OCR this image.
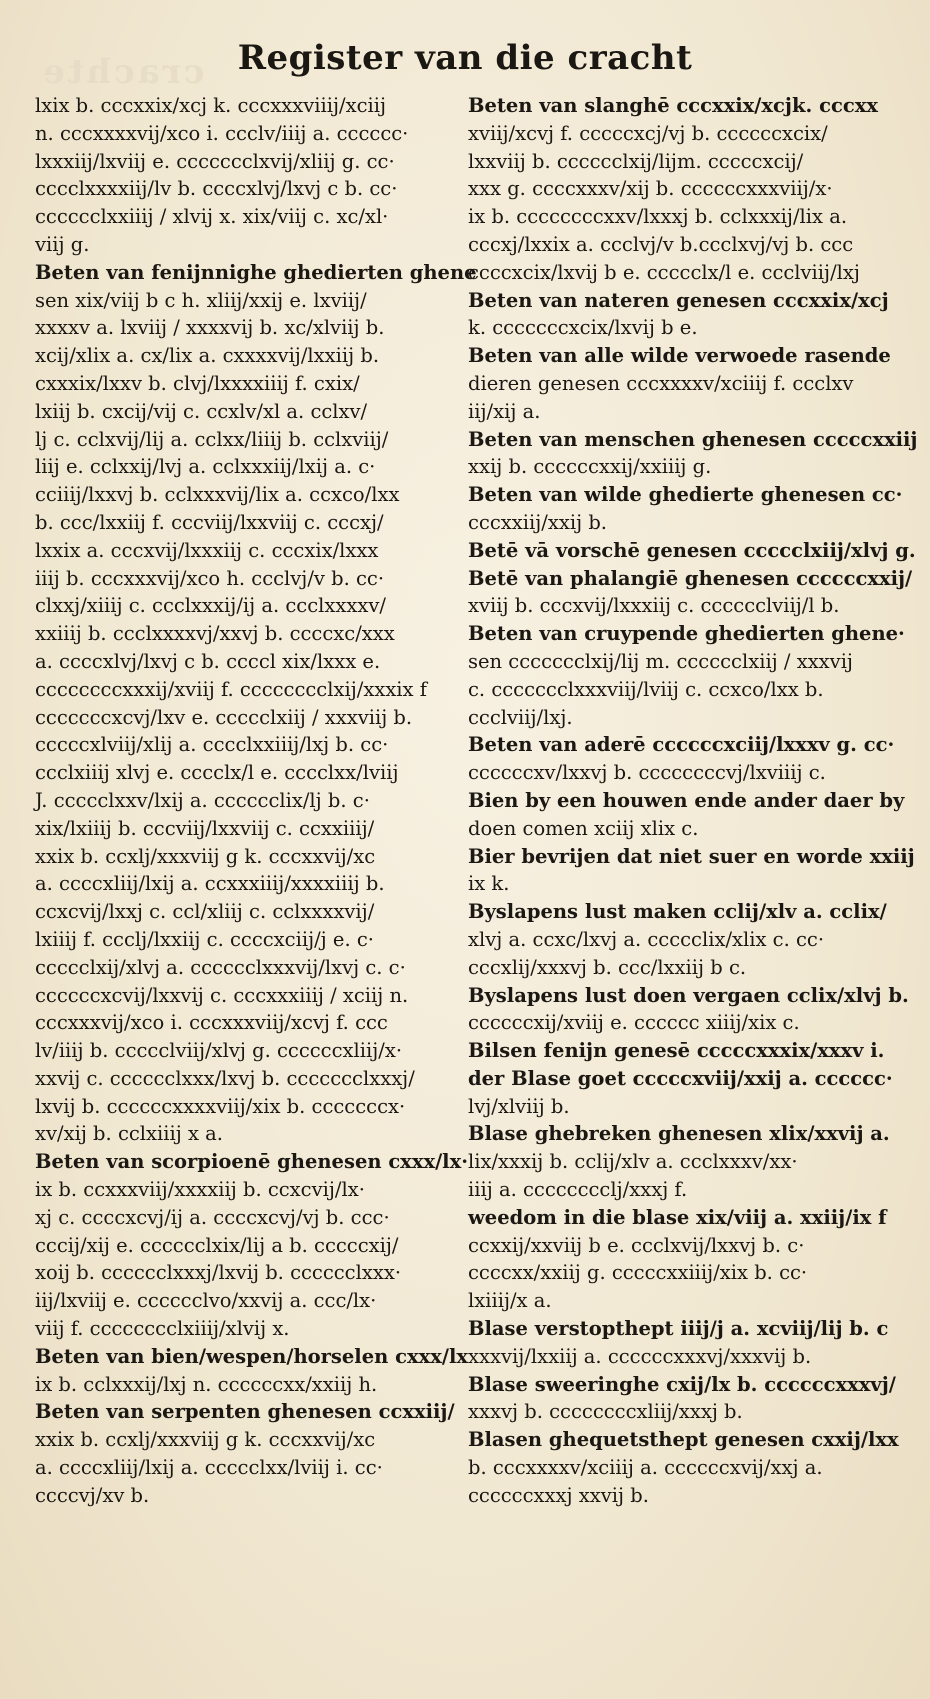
crachte Register van die cracht
lxix b. cccxxix/xcj k. cccxxxviiij/xciij
n. cccxxxxvij/xco i. ccclv/iiij a. cccccc·
lxxxiij/lxviij e. ccccccclxvij/xliij g. cc·
cccclxxxxiij/lv b. ccccxlvj/lxvj c b. cc·
cccccclxxiiij / xlvij x. xix/viij c. xc/xl·
viij g.
Beten van fenijnnighe ghedierten ghene
sen xix/viij b c h. xliij/xxij e. lxviij/
xxxxv a. lxviij / xxxxvij b. xc/xlviij b.
xcij/xlix a. cx/lix a. cxxxxvij/lxxiij b.
cxxxix/lxxv b. clvj/lxxxxiiij f. cxix/
lxiij b. cxcij/vij c. ccxlv/xl a. cclxv/
lj c. cclxvij/lij a. cclxx/liiij b. cclxviij/
liij e. cclxxij/lvj a. cclxxxiij/lxij a. c·
cciiij/lxxvj b. cclxxxvij/lix a. ccxco/lxx
b. ccc/lxxiij f. cccviij/lxxviij c. cccxj/
lxxix a. cccxvij/lxxxiij c. cccxix/lxxx
iiij b. cccxxxvij/xco h. ccclvj/v b. cc·
clxxj/xiiij c. ccclxxxij/ij a. ccclxxxxv/
xxiiij b. ccclxxxxvj/xxvj b. ccccxc/xxx
a. ccccxlvj/lxvj c b. ccccl xix/lxxx e.
ccccccccxxxij/xviij f. cccccccclxij/xxxix f
cccccccxcvj/lxv e. ccccclxiij / xxxviij b.
cccccxlviij/xlij a. cccclxxiiij/lxj b. cc·
ccclxiiij xlvj e. cccclx/l e. cccclxx/lviij
J. ccccclxxv/lxij a. cccccclix/lj b. c·
xix/lxiiij b. cccviij/lxxviij c. ccxxiiij/
xxix b. ccxlj/xxxviij g k. cccxxvij/xc
a. ccccxliij/lxij a. ccxxxiiij/xxxxiiij b.
ccxcvij/lxxj c. ccl/xliij c. cclxxxxvij/
lxiiij f. ccclj/lxxiij c. ccccxciij/j e. c·
ccccclxij/xlvj a. cccccclxxxvij/lxvj c. c·
ccccccxcvij/lxxvij c. cccxxxiiij / xciij n.
cccxxxvij/xco i. cccxxxviij/xcvj f. ccc
lv/iiij b. ccccclviij/xlvj g. ccccccxliij/x·
xxvij c. cccccclxxx/lxvj b. ccccccclxxxj/
lxvij b. ccccccxxxxviij/xix b. cccccccx·
xv/xij b. cclxiiij x a.
Beten van scorpioenē ghenesen cxxx/lx·
ix b. ccxxxviij/xxxxiij b. ccxcvij/lx·
xj c. ccccxcvj/ij a. ccccxcvj/vj b. ccc·
cccij/xij e. cccccclxix/lij a b. cccccxij/
xoij b. cccccclxxxj/lxvij b. cccccclxxx·
iij/lxviij e. cccccclvo/xxvij a. ccc/lx·
viij f. cccccccclxiiij/xlvij x.
Beten van bien/wespen/horselen cxxx/lx
ix b. cclxxxij/lxj n. ccccccxx/xxiij h.
Beten van serpenten ghenesen ccxxiij/
xxix b. ccxlj/xxxviij g k. cccxxvij/xc
a. ccccxliij/lxij a. ccccclxx/lviij i. cc·
ccccvj/xv b.
Beten van slanghē cccxxix/xcjk. cccxx
xviij/xcvj f. cccccxcj/vj b. ccccccxcix/
lxxviij b. cccccclxij/lijm. cccccxcij/
xxx g. ccccxxxv/xij b. ccccccxxxviij/x·
ix b. ccccccccxxv/lxxxj b. cclxxxij/lix a.
cccxj/lxxix a. ccclvj/v b.ccclxvj/vj b. ccc
ccccxcix/lxvij b e. ccccclx/l e. ccclviij/lxj
Beten van nateren genesen cccxxix/xcj
k. cccccccxcix/lxvij b e.
Beten van alle wilde verwoede rasende
dieren genesen cccxxxxv/xciiij f. ccclxv
iij/xij a.
Beten van menschen ghenesen cccccxxiij
xxij b. ccccccxxij/xxiiij g.
Beten van wilde ghedierte ghenesen cc·
cccxxiij/xxij b.
Betē vā vorschē genesen ccccclxiij/xlvj g.
Betē van phalangiē ghenesen ccccccxxij/
xviij b. cccxvij/lxxxiij c. cccccclviij/l b.
Beten van cruypende ghedierten ghene·
sen ccccccclxij/lij m. cccccclxiij / xxxvij
c. ccccccclxxxviij/lviij c. ccxco/lxx b.
ccclviij/lxj.
Beten van aderē ccccccxciij/lxxxv g. cc·
ccccccxv/lxxvj b. ccccccccvj/lxviiij c.
Bien by een houwen ende ander daer by
doen comen xciij xlix c.
Bier bevrijen dat niet suer en worde xxiij
ix k.
Byslapens lust maken cclij/xlv a. cclix/
xlvj a. ccxc/lxvj a. ccccclix/xlix c. cc·
cccxlij/xxxvj b. ccc/lxxiij b c.
Byslapens lust doen vergaen cclix/xlvj b.
ccccccxij/xviij e. cccccc xiiij/xix c.
Bilsen fenijn genesē cccccxxxix/xxxv i.
der Blase goet cccccxviij/xxij a. cccccc·
lvj/xlviij b.
Blase ghebreken ghenesen xlix/xxvij a.
lix/xxxij b. cclij/xlv a. ccclxxxv/xx·
iiij a. cccccccclj/xxxj f.
weedom in die blase xix/viij a. xxiij/ix f
ccxxij/xxviij b e. ccclxvij/lxxvj b. c·
ccccxx/xxiij g. cccccxxiiij/xix b. cc·
lxiiij/x a.
Blase verstopthept iiij/j a. xcviij/lij b. c
xxxvij/lxxiij a. ccccccxxxvj/xxxvij b.
Blase sweeringhe cxij/lx b. ccccccxxxvj/
xxxvj b. ccccccccxliij/xxxj b.
Blasen ghequetsthept genesen cxxij/lxx
b. cccxxxxv/xciiij a. ccccccxvij/xxj a.
ccccccxxxj xxvij b.
